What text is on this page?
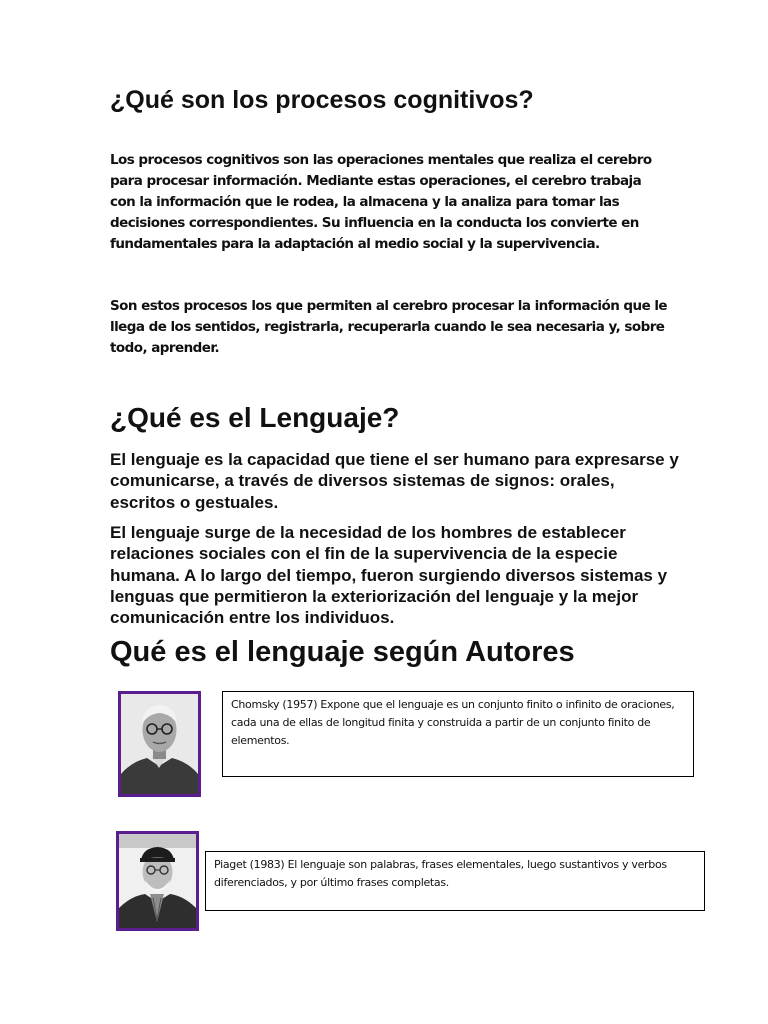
¿Qué son los procesos cognitivos?

Los procesos cognitivos son las operaciones mentales que realiza el cerebro para procesar información. Mediante estas operaciones, el cerebro trabaja con la información que le rodea, la almacena y la analiza para tomar las decisiones correspondientes. Su influencia en la conducta los convierte en fundamentales para la adaptación al medio social y la supervivencia.

Son estos procesos los que permiten al cerebro procesar la información que le llega de los sentidos, registrarla, recuperarla cuando le sea necesaria y, sobre todo, aprender.

¿Qué es el Lenguaje?

El lenguaje es la capacidad que tiene el ser humano para expresarse y comunicarse, a través de diversos sistemas de signos: orales, escritos o gestuales.

El lenguaje surge de la necesidad de los hombres de establecer relaciones sociales con el fin de la supervivencia de la especie humana. A lo largo del tiempo, fueron surgiendo diversos sistemas y lenguas que permitieron la exteriorización del lenguaje y la mejor comunicación entre los individuos.

Qué es el lenguaje según Autores
Chomsky (1957) Expone que el lenguaje es un conjunto finito o infinito de oraciones, cada una de ellas de longitud finita y construida a partir de un conjunto finito de elementos.
Piaget (1983) El lenguaje son palabras, frases elementales, luego sustantivos y verbos diferenciados, y por último frases completas.
